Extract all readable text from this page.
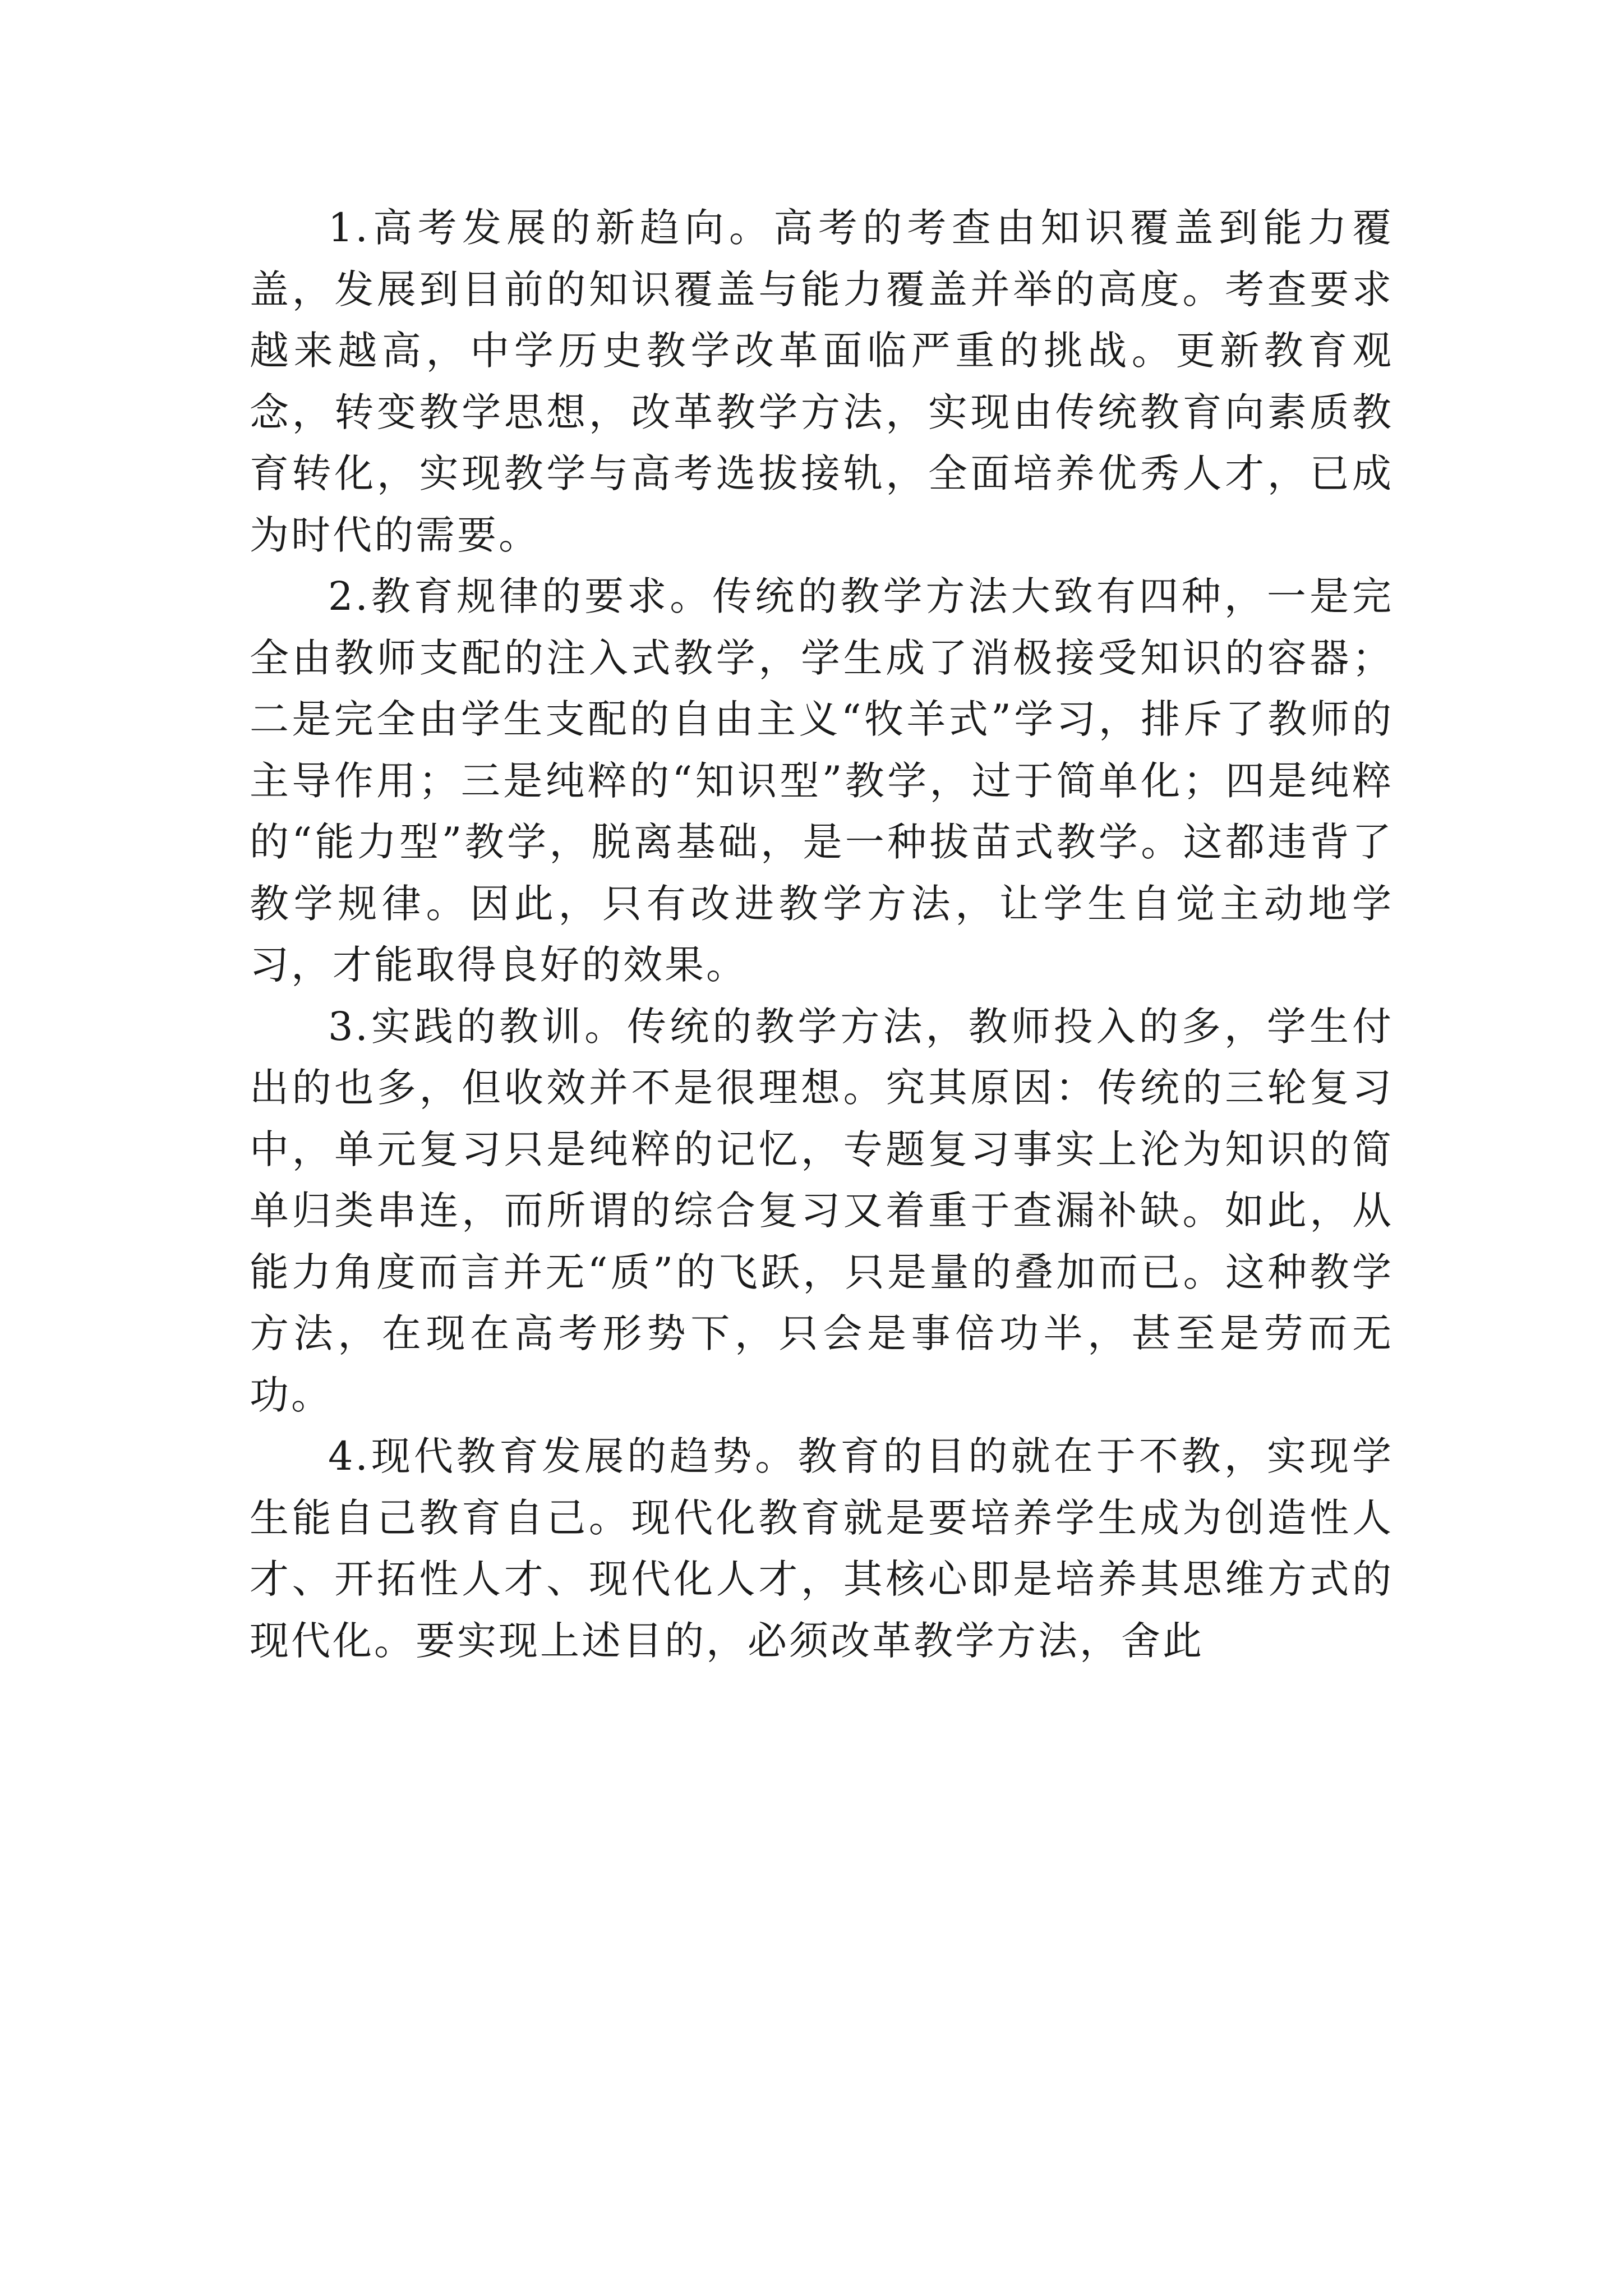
1.高考发展的新趋向。高考的考查由知识覆盖到能力覆盖，发展到目前的知识覆盖与能力覆盖并举的高度。考查要求越来越高，中学历史教学改革面临严重的挑战。更新教育观念，转变教学思想，改革教学方法，实现由传统教育向素质教育转化，实现教学与高考选拔接轨，全面培养优秀人才，已成为时代的需要。

2.教育规律的要求。传统的教学方法大致有四种，一是完全由教师支配的注入式教学，学生成了消极接受知识的容器；二是完全由学生支配的自由主义“牧羊式”学习，排斥了教师的主导作用；三是纯粹的“知识型”教学，过于简单化；四是纯粹的“能力型”教学，脱离基础，是一种拔苗式教学。这都违背了教学规律。因此，只有改进教学方法，让学生自觉主动地学习，才能取得良好的效果。

3.实践的教训。传统的教学方法，教师投入的多，学生付出的也多，但收效并不是很理想。究其原因：传统的三轮复习中，单元复习只是纯粹的记忆，专题复习事实上沦为知识的简单归类串连，而所谓的综合复习又着重于查漏补缺。如此，从能力角度而言并无“质”的飞跃，只是量的叠加而已。这种教学方法，在现在高考形势下，只会是事倍功半，甚至是劳而无功。

4.现代教育发展的趋势。教育的目的就在于不教，实现学生能自己教育自己。现代化教育就是要培养学生成为创造性人才、开拓性人才、现代化人才，其核心即是培养其思维方式的现代化。要实现上述目的，必须改革教学方法，舍此
